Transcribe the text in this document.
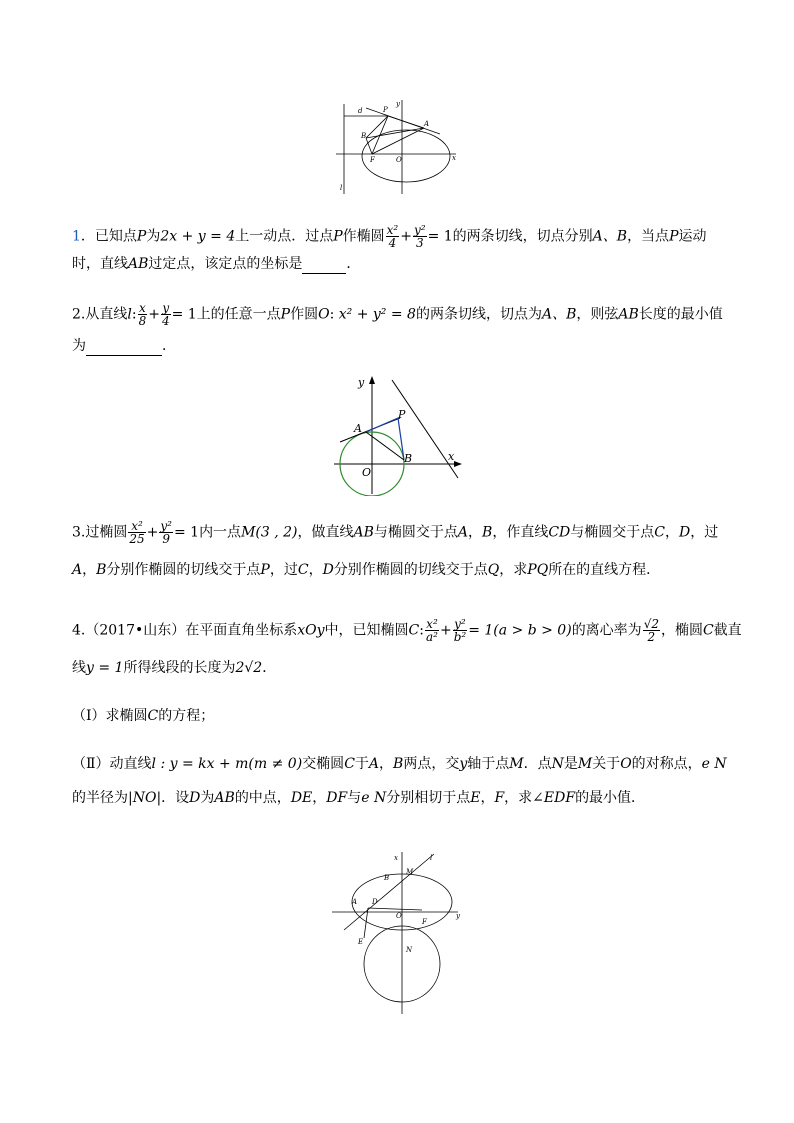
P
A
B
F	O	x
y
d
l
1．已知点P为2x + y = 4上一动点．过点P作椭圆 $\frac{\text{x²}}{4} + \frac{\text{y²}}{3} = 1$的两条切线，切点分别A、B，当点P运动
时，直线AB过定点，该定点的坐标是	．
2.从直线l: $\frac{x}{8} + \frac{y}{4} = 1$上的任意一点P作圆O: x² + y² = 8的两条切线，切点为A、B，则弦AB长度的最小值
为	．
y
x
P
A
B
O
3.过椭圆 $\frac{\text{x²}}{25} + \frac{\text{y²}}{9} = 1$内一点M(3 , 2)，做直线AB与椭圆交于点A，B，作直线CD与椭圆交于点C，D，过
A，B分别作椭圆的切线交于点P，过C，D分别作椭圆的切线交于点Q，求PQ所在的直线方程．
4.（2017•山东）在平面直角坐标系xOy中，已知椭圆C: $\frac{\text{x²}}{\text{a²}} + \frac{\text{y²}}{\text{b²}} = 1(a > b > 0)$的离心率为 $\frac{√2}{2}$ ，椭圆C截直
线y = 1所得线段的长度为2√2．
（Ⅰ）求椭圆C的方程；
（Ⅱ）动直线l : y = kx + m(m ≠ 0)交椭圆C于A，B两点，交y轴于点M．点N是M关于O的对称点，e N
的半径为|NO|．设D为AB的中点，DE，DF与e N分别相切于点E，F，求∠EDF的最小值．
x	l
M
B
A D
O
F
y
E
N
